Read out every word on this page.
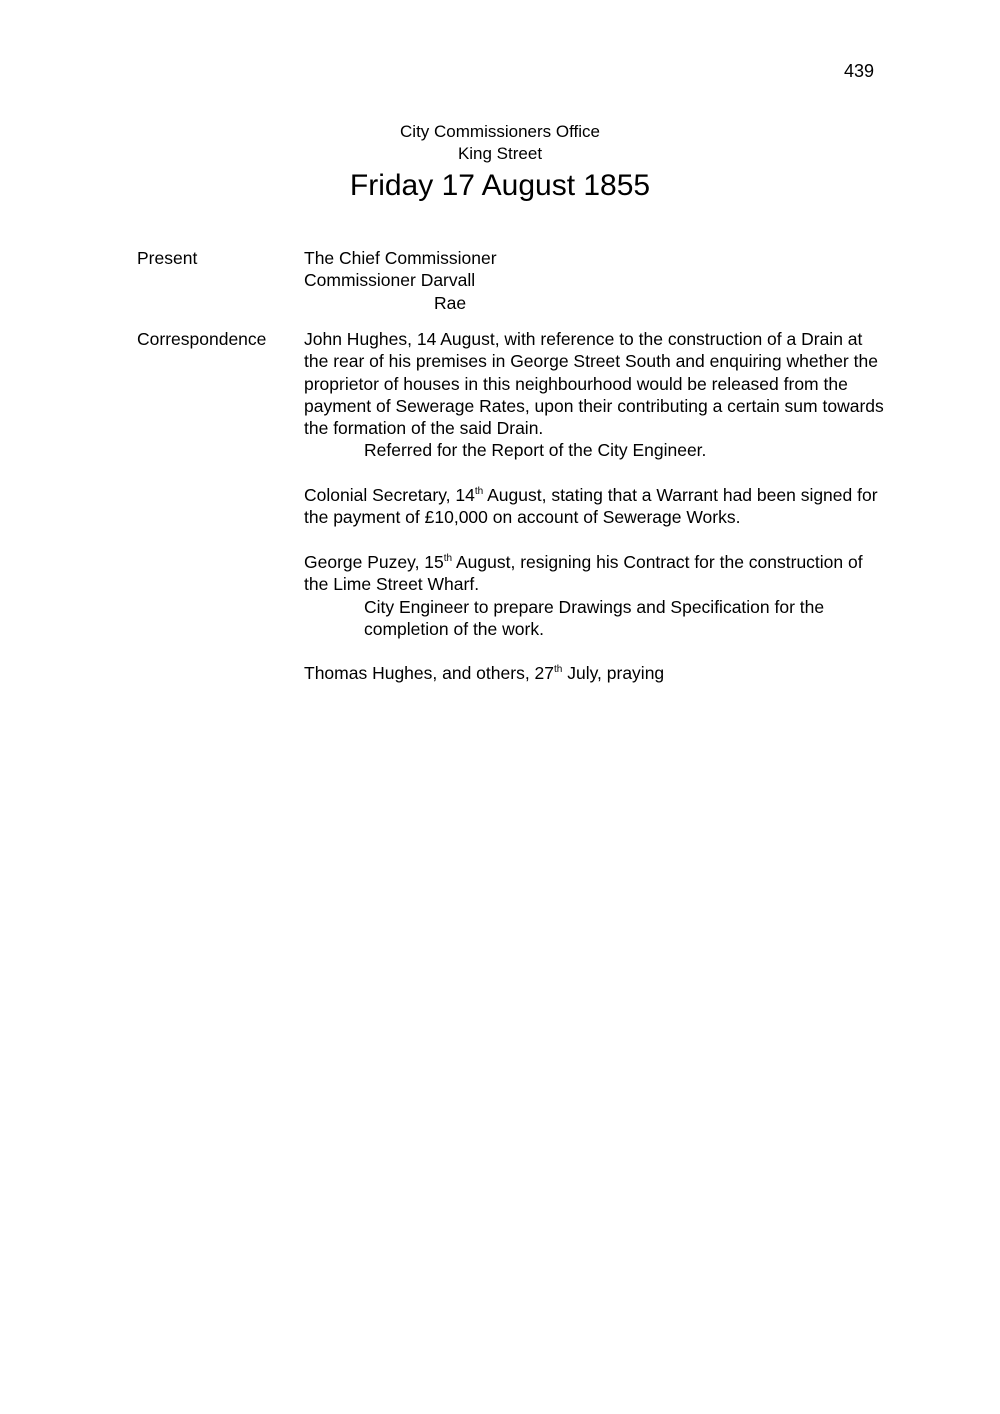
439
City Commissioners Office
King Street
Friday 17 August 1855
Present	The Chief Commissioner

Commissioner Darvall

Rae

Correspondence John Hughes, 14 August, with reference to the construction of a Drain at

the rear of his premises in George Street South and enquiring whether the

proprietor of houses in this neighbourhood would be released from the

payment of Sewerage Rates, upon their contributing a certain sum towards

the formation of the said Drain.

Referred for the Report of the City Engineer.

Colonial Secretary, 14th August, stating that a Warrant had been signed for

the payment of £10,000 on account of Sewerage Works.

George Puzey, 15th August, resigning his Contract for the construction of

the Lime Street Wharf.

City Engineer to prepare Drawings and Specification for the

completion of the work.

Thomas Hughes, and others, 27th July, praying
